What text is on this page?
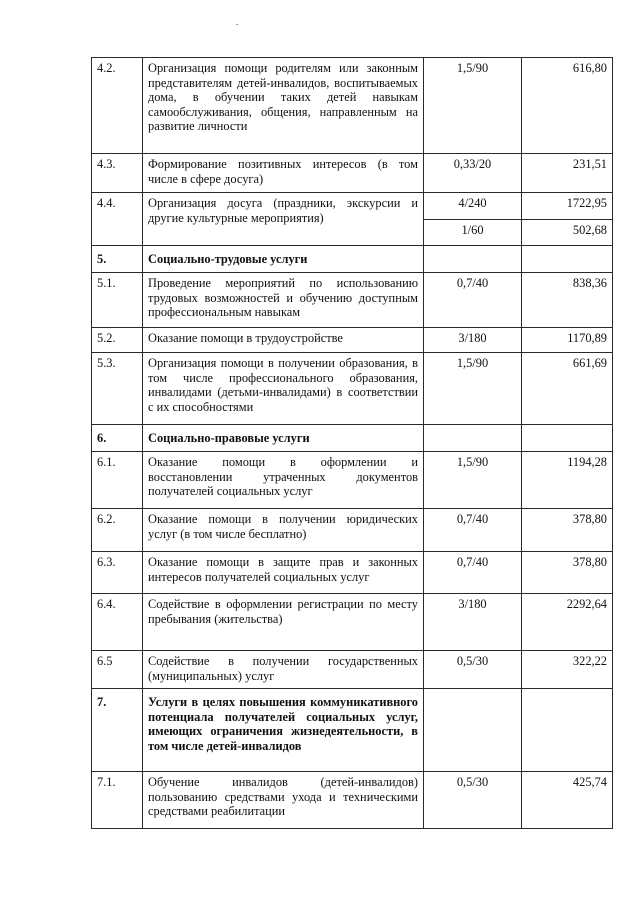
4.2.	Организация помощи родителям или законным представителям детей-инвалидов, воспитываемых дома, в обучении таких детей навыкам самообслуживания, общения, направленным на развитие личности	1,5/90	616,80
4.3.	Формирование позитивных интересов (в том числе в сфере досуга)	0,33/20	231,51
4.4.	Организация досуга (праздники, экскурсии и другие культурные мероприятия)	4/240	1722,95
		1/60	502,68
5.	Социально-трудовые услуги		
5.1.	Проведение мероприятий по использованию трудовых возможностей и обучению доступным профессиональным навыкам	0,7/40	838,36
5.2.	Оказание помощи в трудоустройстве	3/180	1170,89
5.3.	Организация помощи в получении образования, в том числе профессионального образования, инвалидами (детьми-инвалидами) в соответствии с их способностями	1,5/90	661,69
6.	Социально-правовые услуги		
6.1.	Оказание помощи в оформлении и восстановлении утраченных документов получателей социальных услуг	1,5/90	1194,28
6.2.	Оказание помощи в получении юридических услуг (в том числе бесплатно)	0,7/40	378,80
6.3.	Оказание помощи в защите прав и законных интересов получателей социальных услуг	0,7/40	378,80
6.4.	Содействие в оформлении регистрации по месту пребывания (жительства)	3/180	2292,64
6.5	Содействие в получении государственных (муниципальных) услуг	0,5/30	322,22
7.	Услуги в целях повышения коммуникативного потенциала получателей социальных услуг, имеющих ограничения жизнедеятельности, в том числе детей-инвалидов		
7.1.	Обучение инвалидов (детей-инвалидов) пользованию средствами ухода и техническими средствами реабилитации	0,5/30	425,74
